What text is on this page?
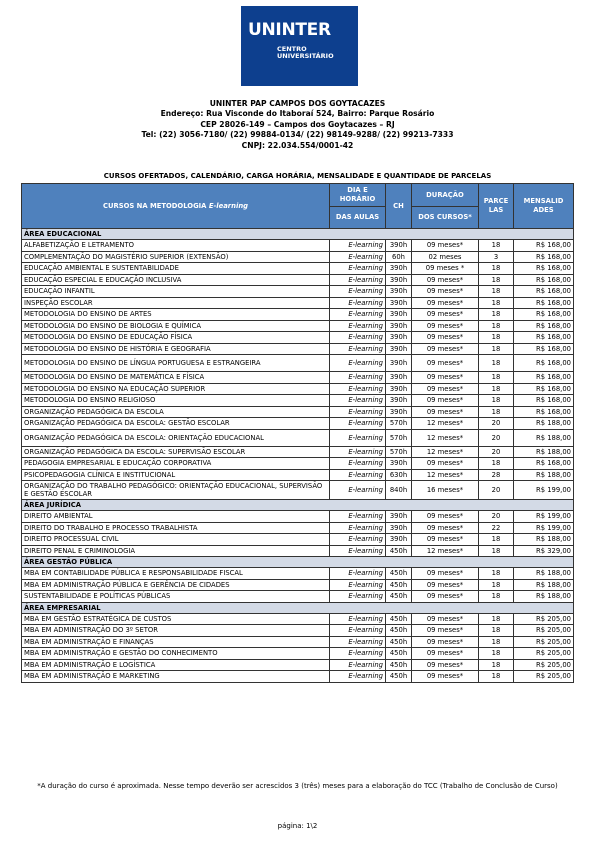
UNINTER
CENTRO
UNIVERSITÁRIO
UNINTER PAP CAMPOS DOS GOYTACAZES
Endereço: Rua Visconde do Itaboraí 524, Bairro: Parque Rosário
CEP 28026-149 – Campos dos Goytacazes – RJ
Tel: (22) 3056-7180/ (22) 99884-0134/ (22) 98149-9288/ (22) 99213-7333
CNPJ: 22.034.554/0001-42
CURSOS OFERTADOS, CALENDÁRIO, CARGA HORÁRIA, MENSALIDADE E QUANTIDADE DE PARCELAS
CURSOS NA METODOLOGIA E-learning	DIA E HORÁRIO	CH	DURAÇÃO	PARCE LAS	MENSALID ADES
	DAS AULAS		DOS CURSOS*		
ÁREA EDUCACIONAL					
ALFABETIZAÇÃO E LETRAMENTO	E-learning	390h	09 meses*	18	R$ 168,00
COMPLEMENTAÇÃO DO MAGISTÉRIO SUPERIOR (EXTENSÃO)	E-learning	60h	02 meses	3	R$ 168,00
EDUCAÇÃO AMBIENTAL E SUSTENTABILIDADE	E-learning	390h	09 meses *	18	R$ 168,00
EDUCAÇÃO ESPECIAL E EDUCAÇÃO INCLUSIVA	E-learning	390h	09 meses*	18	R$ 168,00
EDUCAÇÃO INFANTIL	E-learning	390h	09 meses*	18	R$ 168,00
INSPEÇÃO ESCOLAR	E-learning	390h	09 meses*	18	R$ 168,00
METODOLOGIA DO ENSINO DE ARTES	E-learning	390h	09 meses*	18	R$ 168,00
METODOLOGIA DO ENSINO DE BIOLOGIA E QUÍMICA	E-learning	390h	09 meses*	18	R$ 168,00
METODOLOGIA DO ENSINO DE EDUCAÇÃO FÍSICA	E-learning	390h	09 meses*	18	R$ 168,00
METODOLOGIA DO ENSINO DE HISTÓRIA E GEOGRAFIA	E-learning	390h	09 meses*	18	R$ 168,00
METODOLOGIA DO ENSINO DE LÍNGUA PORTUGUESA E ESTRANGEIRA	E-learning	390h	09 meses*	18	R$ 168,00
METODOLOGIA DO ENSINO DE MATEMÁTICA E FÍSICA	E-learning	390h	09 meses*	18	R$ 168,00
METODOLOGIA DO ENSINO NA EDUCAÇÃO SUPERIOR	E-learning	390h	09 meses*	18	R$ 168,00
METODOLOGIA DO ENSINO RELIGIOSO	E-learning	390h	09 meses*	18	R$ 168,00
ORGANIZAÇÃO PEDAGÓGICA DA ESCOLA	E-learning	390h	09 meses*	18	R$ 168,00
ORGANIZAÇÃO PEDAGÓGICA DA ESCOLA: GESTÃO ESCOLAR	E-learning	570h	12 meses*	20	R$ 188,00
ORGANIZAÇÃO PEDAGÓGICA DA ESCOLA: ORIENTAÇÃO EDUCACIONAL	E-learning	570h	12 meses*	20	R$ 188,00
ORGANIZAÇÃO PEDAGÓGICA DA ESCOLA: SUPERVISÃO ESCOLAR	E-learning	570h	12 meses*	20	R$ 188,00
PEDAGOGIA EMPRESARIAL E EDUCAÇÃO CORPORATIVA	E-learning	390h	09 meses*	18	R$ 168,00
PSICOPEDAGOGIA CLÍNICA E INSTITUCIONAL	E-learning	630h	12 meses*	28	R$ 188,00
ORGANIZAÇÃO DO TRABALHO PEDAGÓGICO: ORIENTAÇÃO EDUCACIONAL, SUPERVISÃO E GESTÃO ESCOLAR	E-learning	840h	16 meses*	20	R$ 199,00
ÁREA JURÍDICA					
DIREITO AMBIENTAL	E-learning	390h	09 meses*	20	R$ 199,00
DIREITO DO TRABALHO E PROCESSO TRABALHISTA	E-learning	390h	09 meses*	22	R$ 199,00
DIREITO PROCESSUAL CIVIL	E-learning	390h	09 meses*	18	R$ 188,00
DIREITO PENAL E CRIMINOLOGIA	E-learning	450h	12 meses*	18	R$ 329,00
ÁREA GESTÃO PÚBLICA					
MBA EM CONTABILIDADE PÚBLICA E RESPONSABILIDADE FISCAL	E-learning	450h	09 meses*	18	R$ 188,00
MBA EM ADMINISTRAÇÃO PÚBLICA E GERÊNCIA DE CIDADES	E-learning	450h	09 meses*	18	R$ 188,00
SUSTENTABILIDADE E POLÍTICAS PÚBLICAS	E-learning	450h	09 meses*	18	R$ 188,00
ÁREA EMPRESARIAL					
MBA EM GESTÃO ESTRATÉGICA DE CUSTOS	E-learning	450h	09 meses*	18	R$ 205,00
MBA EM ADMINISTRAÇÃO DO 3º SETOR	E-learning	450h	09 meses*	18	R$ 205,00
MBA EM ADMINISTRAÇÃO E FINANÇAS	E-learning	450h	09 meses*	18	R$ 205,00
MBA EM ADMINISTRAÇÃO E GESTÃO DO CONHECIMENTO	E-learning	450h	09 meses*	18	R$ 205,00
MBA EM ADMINISTRAÇÃO E LOGÍSTICA	E-learning	450h	09 meses*	18	R$ 205,00
MBA EM ADMINISTRAÇÃO E MARKETING	E-learning	450h	09 meses*	18	R$ 205,00
*A duração do curso é aproximada. Nesse tempo deverão ser acrescidos 3 (três) meses para a elaboração do TCC (Trabalho de Conclusão de Curso)
página: 1\2
